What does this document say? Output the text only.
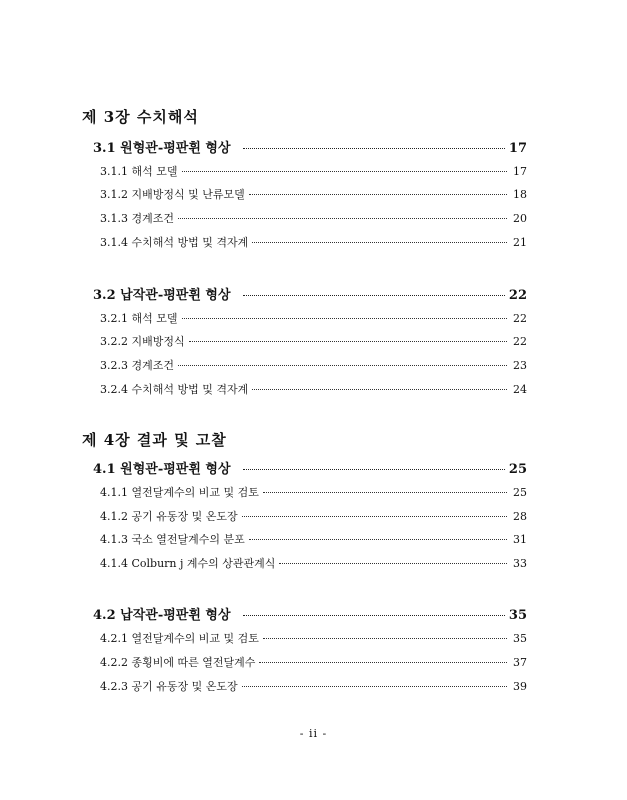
제 3장 수치해석
3.1 원형관-평판휜 형상	17
3.1.1 해석 모델	17
3.1.2 지배방정식 및 난류모델	18
3.1.3 경계조건	20
3.1.4 수치해석 방법 및 격자계	21
3.2 납작관-평판휜 형상	22
3.2.1 해석 모델	22
3.2.2 지배방정식	22
3.2.3 경계조건	23
3.2.4 수치해석 방법 및 격자계	24
제 4장 결과 및 고찰
4.1 원형관-평판휜 형상	25
4.1.1 열전달계수의 비교 및 검토	25
4.1.2 공기 유동장 및 온도장	28
4.1.3 국소 열전달계수의 분포	31
4.1.4 Colburn j 계수의 상관관계식	33
4.2 납작관-평판휜 형상	35
4.2.1 열전달계수의 비교 및 검토	35
4.2.2 종횡비에 따른 열전달계수	37
4.2.3 공기 유동장 및 온도장	39
- ii -
